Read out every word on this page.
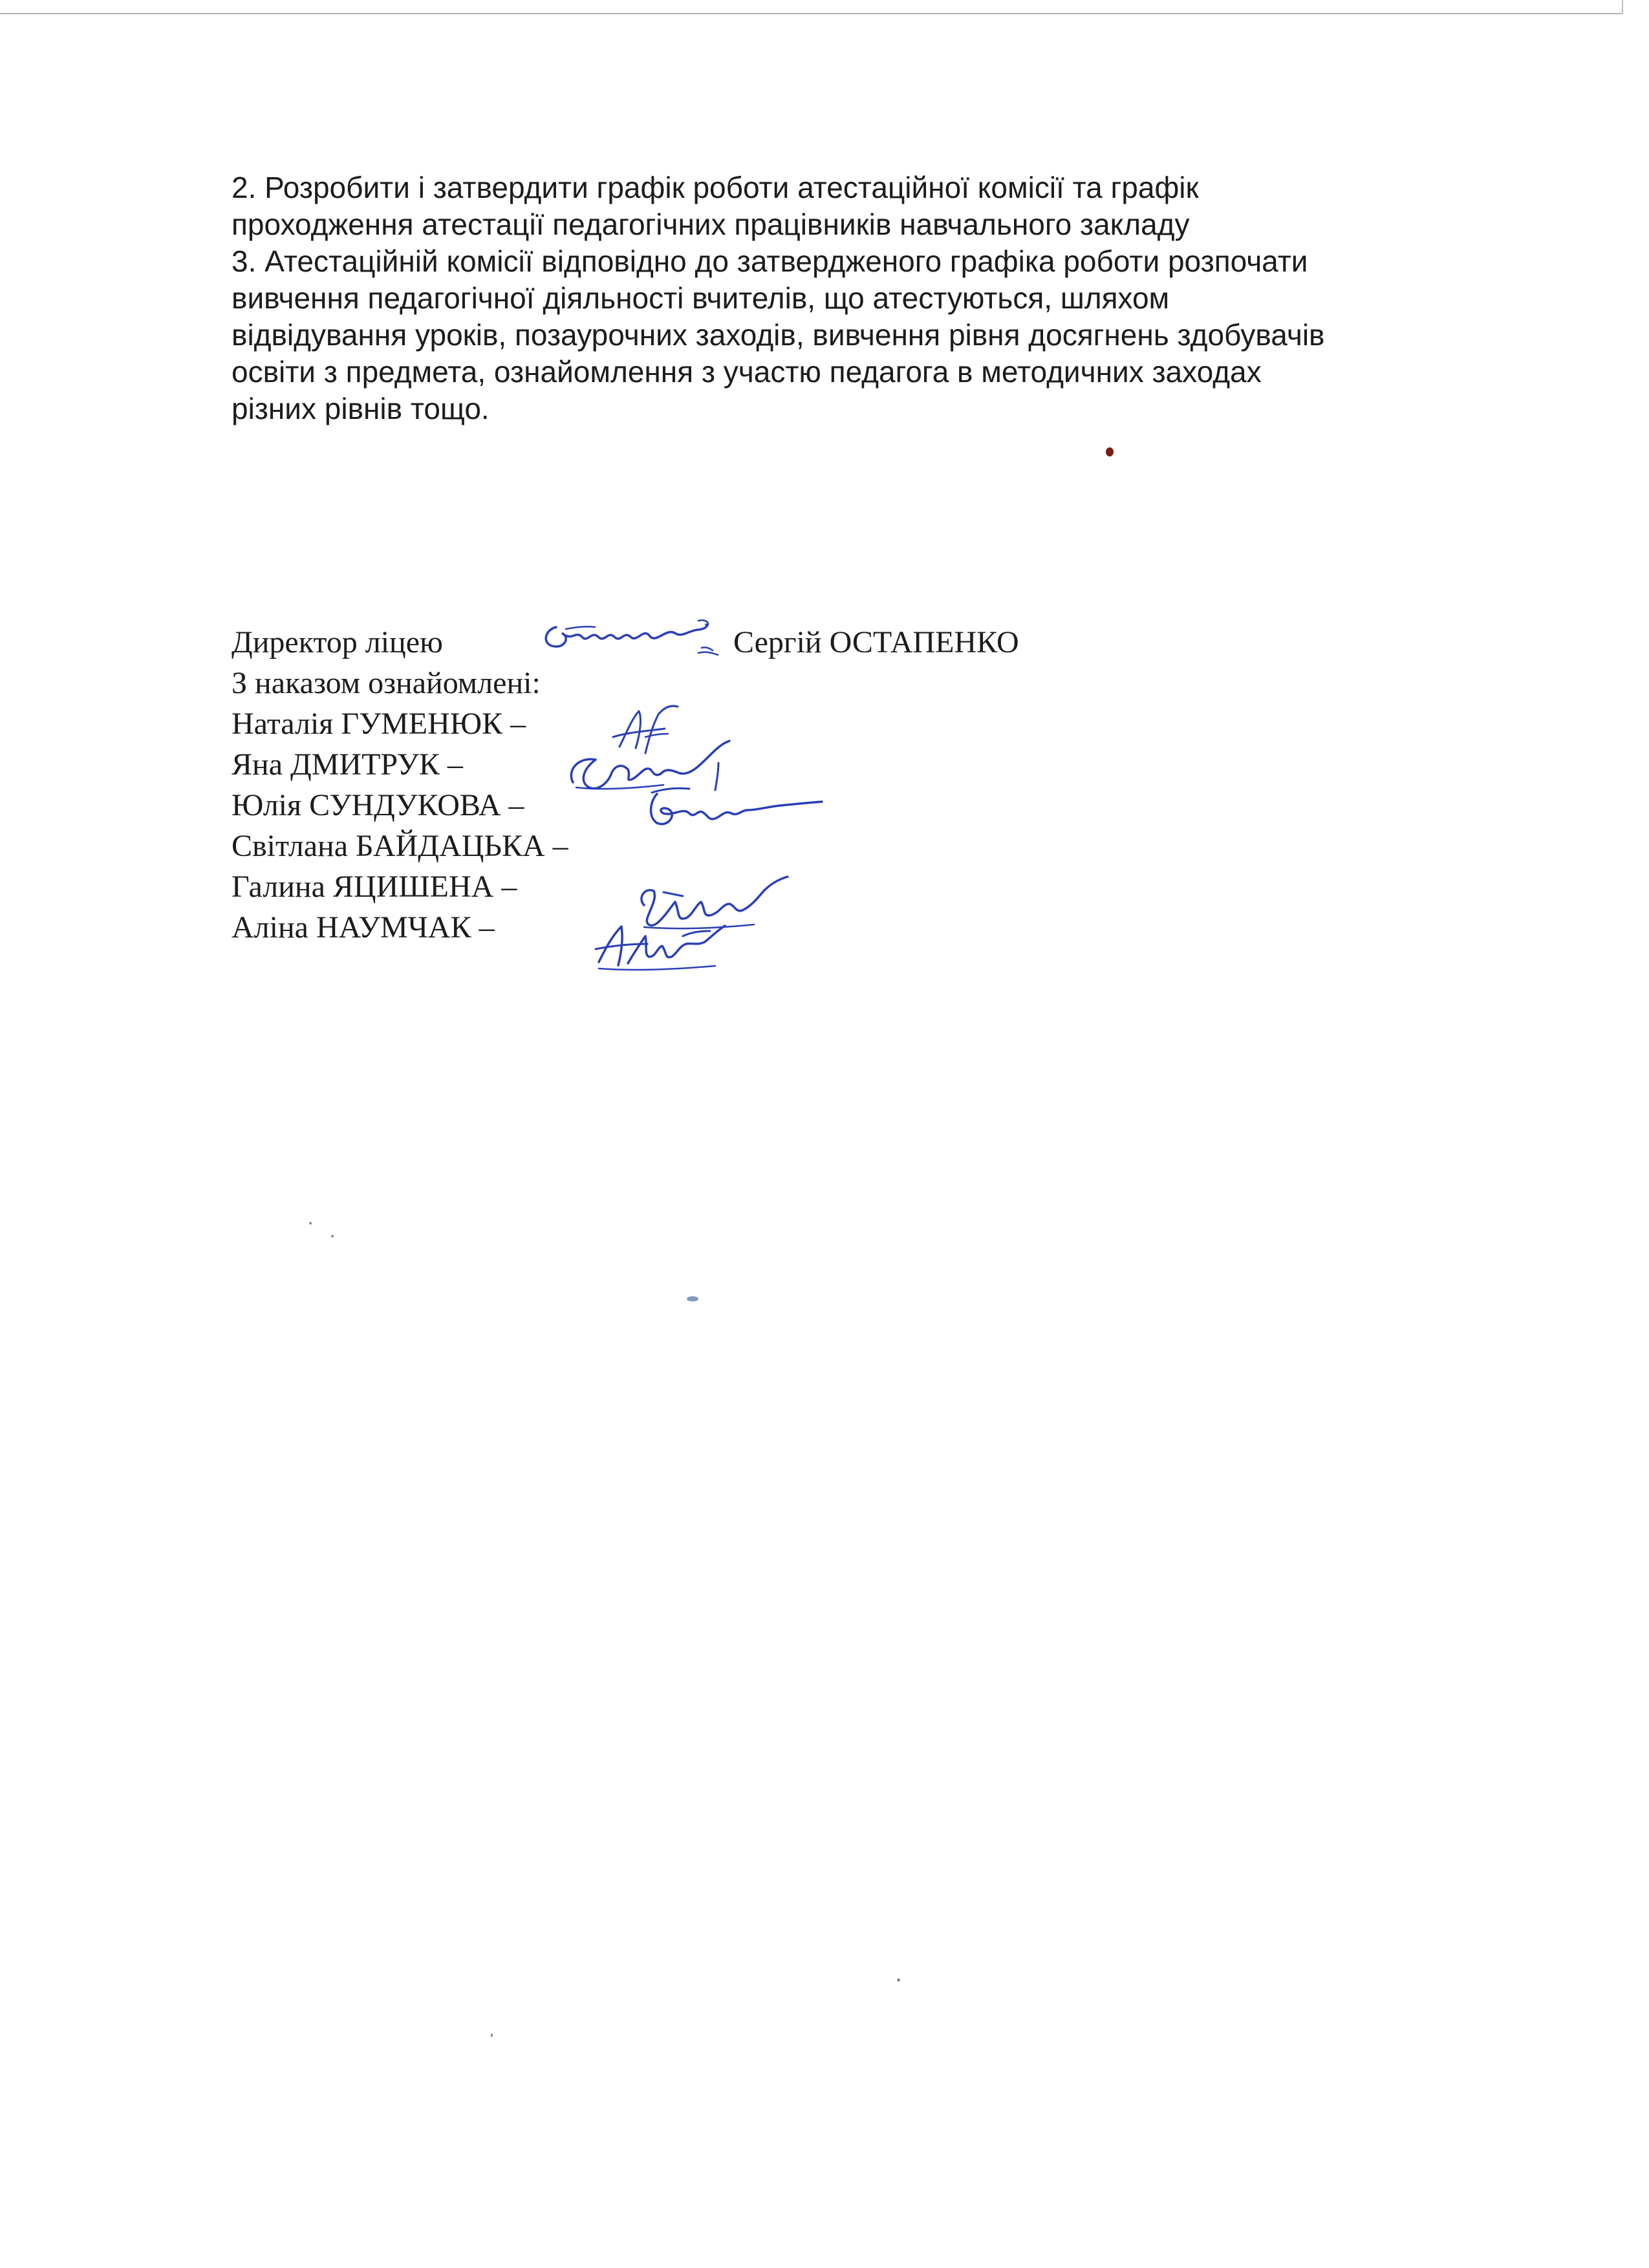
2. Розробити і затвердити графік роботи атестаційної комісії та графік

проходження атестації педагогічних працівників навчального закладу

3. Атестаційній комісії відповідно до затвердженого графіка роботи розпочати

вивчення педагогічної діяльності вчителів, що атестуються, шляхом

відвідування уроків, позаурочних заходів, вивчення рівня досягнень здобувачів

освіти з предмета, ознайомлення з участю педагога в методичних заходах

різних рівнів тощо.

Директор ліцею	Сергій ОСТАПЕНКО
З наказом ознайомлені:
Наталія ГУМЕНЮК –
Яна ДМИТРУК –
Юлія СУНДУКОВА –
Світлана БАЙДАЦЬКА –
Галина ЯЦИШЕНА –
Аліна НАУМЧАК –
